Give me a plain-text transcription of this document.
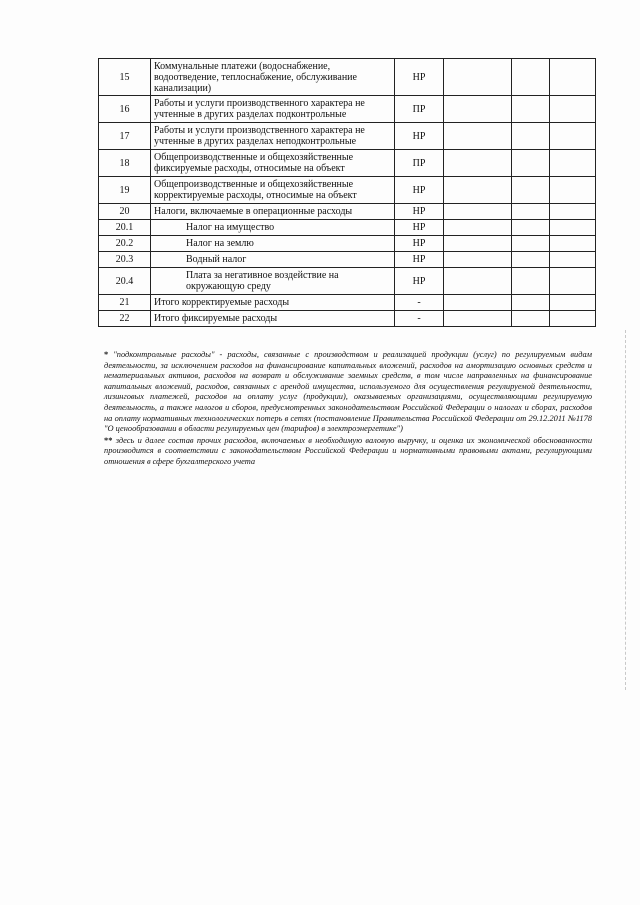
15	Коммунальные платежи (водоснабжение, водоотведение, теплоснабжение, обслуживание канализации)	НР			
16	Работы и услуги производственного характера не учтенные в других разделах подконтрольные	ПР			
17	Работы и услуги производственного характера не учтенные в других разделах неподконтрольные	НР			
18	Общепроизводственные и общехозяйственные фиксируемые расходы, относимые на объект	ПР			
19	Общепроизводственные и общехозяйственные корректируемые расходы, относимые на объект	НР			
20	Налоги, включаемые в операционные расходы	НР			
20.1	Налог на имущество	НР			
20.2	Налог на землю	НР			
20.3	Водный налог	НР			
20.4	Плата за негативное воздействие на окружающую среду	НР			
21	Итого корректируемые расходы	-			
22	Итого фиксируемые расходы	-			

* "подконтрольные расходы" - расходы, связанные с производством и реализацией продукции (услуг) по регулируемым видам деятельности, за исключением расходов на финансирование капитальных вложений, расходов на амортизацию основных средств и нематериальных активов, расходов на возврат и обслуживание заемных средств, в том числе направленных на финансирование капитальных вложений, расходов, связанных с арендой имущества, используемого для осуществления регулируемой деятельности, лизинговых платежей, расходов на оплату услуг (продукции), оказываемых организациями, осуществляющими регулируемую деятельность, а также налогов и сборов, предусмотренных законодательством Российской Федерации о налогах и сборах, расходов на оплату нормативных технологических потерь в сетях (постановление Правительства Российской Федерации от 29.12.2011 №1178 "О ценообразовании в области регулируемых цен (тарифов) в электроэнергетике")

** здесь и далее состав прочих расходов, включаемых в необходимую валовую выручку, и оценка их экономической обоснованности производится в соответствии с законодательством Российской Федерации и нормативными правовыми актами, регулирующими отношения в сфере бухгалтерского учета
